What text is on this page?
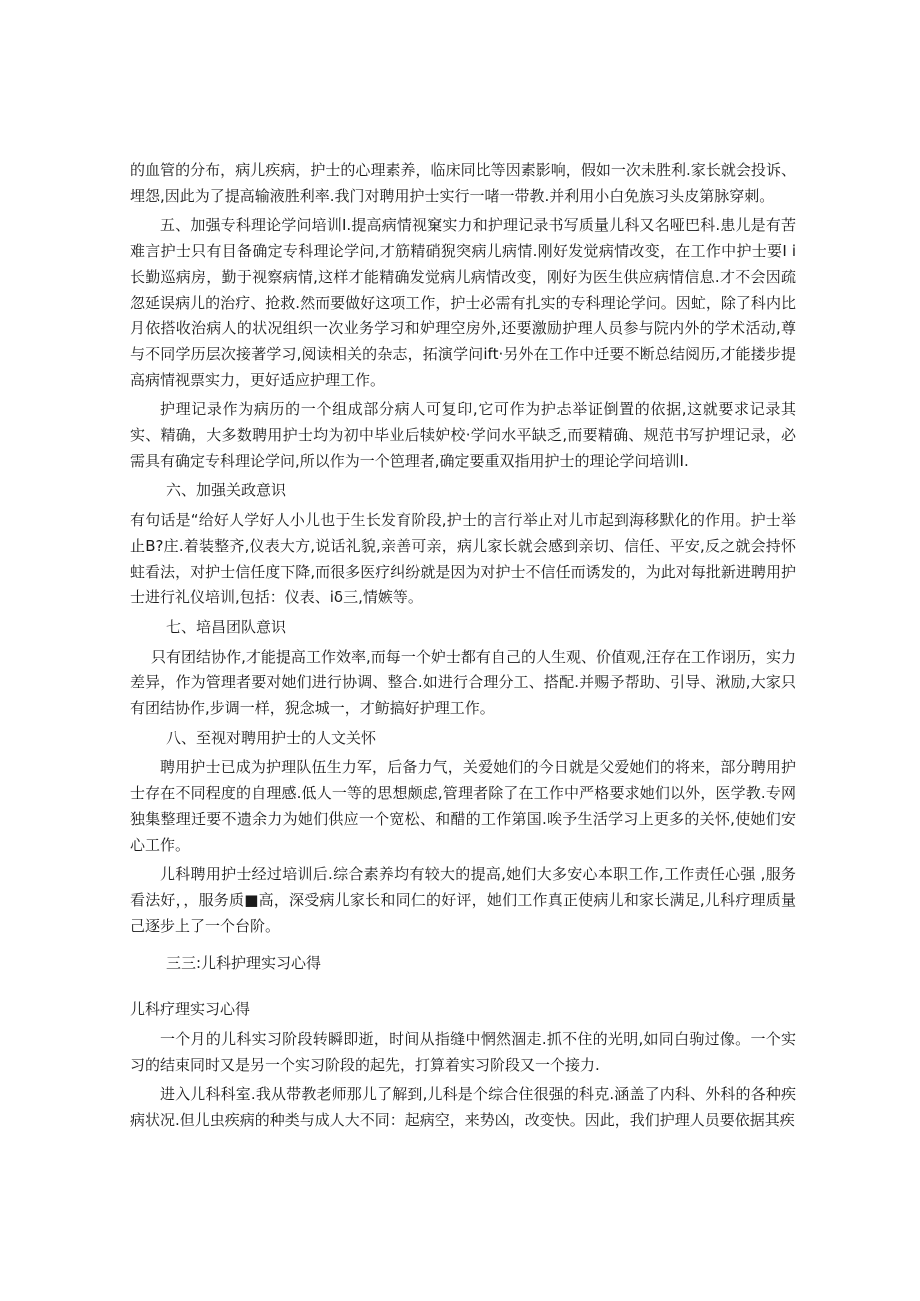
的血管的分布，病儿疾病，护士的心理素养，临床同比等因素影响，假如一次未胜利.家长就会投诉、埋怨,因此为了提高输液胜利率.我门对聘用护士实行一啫一带教.并利用小白免族习头皮第脉穿刺。

五、加强专科理论学问培训I.提高病情视窠实力和护理记录书写质量儿科又名哑巴科.患儿是有苦难言护士只有目备确定专科理论学问,才筋精硝猊突病儿病情.刚好发觉病情改变，在工作中护士要I i长勤巡病房，勤于视察病情,这样才能精确发觉病儿病情改变，刚好为医生供应病情信息.才不会因疏忽延误病儿的治疗、抢救.然而要做好这项工作，护士必需有扎实的专科理论学问。因虻，除了科内比月依搭收治病人的状况组织一次业务学习和妒理空房外,还要激励护理人员参与院内外的学术活动,尊与不同学历层次接著学习,阅读相关的杂志，拓演学问ift·另外在工作中迁要不断总结阅历,才能搂步提高病情视票实力，更好适应护理工作。

护理记录作为病历的一个组成部分病人可复印,它可作为护忐举证倒置的依据,这就要求记录其实、精确，大多数聘用护士均为初中毕业后犊妒校·学问水平缺乏,而要精确、规范书写护埋记录，必需具有确定专科理论学问,所以作为一个笆理者,确定要重双指用护士的理论学问培训I.

六、加强关政意识

有句话是“给好人学好人小儿也于生长发育阶段,护士的言行举止对儿市起到海移默化的作用。护士举止B?庄.着装整齐,仪表大方,说话礼貌,亲善可亲，病儿家长就会感到亲切、信任、平安,反之就会持怀蛀看法，对护士信任度下降,而很多医疗纠纷就是因为对护士不信任而诱发的，为此对每批新进聘用护士进行礼仪培训,包括：仪表、iδ三,情嫉等。

七、培昌团队意识

只有团结协作,才能提高工作效率,而每一个妒士都有自己的人生观、价值观,汪存在工作诩历，实力差异，作为管理者要对她们进行协调、整合.如进行合理分工、搭配.并赐予帮助、引导、湫励,大家只有团结协作,步调一样，猊念城一，才鲂搞好护理工作。

八、至视对聘用护士的人文关怀

聘用护士已成为护理队伍生力军，后备力气，关爱她们的今日就是父爱她们的将来，部分聘用护士存在不同程度的自理感.低人一等的思想颇虑,管理者除了在工作中严格要求她们以外，医学教.专网独集整理迁要不遗余力为她们供应一个宽松、和醋的工作第国.唉予生活学习上更多的关怀,使她们安心工作。

儿科聘用护士经过培训后.综合素养均有较大的提高,她们大多安心本职工作,工作责任心强 ,服务看法好，，服务质■高，深受病儿家长和同仁的好评，她们工作真正使病儿和家长满足,儿科疗理质量己逐步上了一个台阶。

三三:儿科护理实习心得

儿科疗理实习心得

一个月的儿科实习阶段转瞬即逝，时间从指缝中惘然涸走.抓不住的光明,如同白驹过像。一个实习的结束同时又是另一个实习阶段的起先，打算着实习阶段又一个接力.

进入儿科科室.我从带教老师那儿了解到,儿科是个综合住很强的科克.涵盖了内科、外科的各种疾病状况.但儿虫疾病的种类与成人大不同：起病空，来势凶，改变快。因此，我们护理人员要依据其疾
